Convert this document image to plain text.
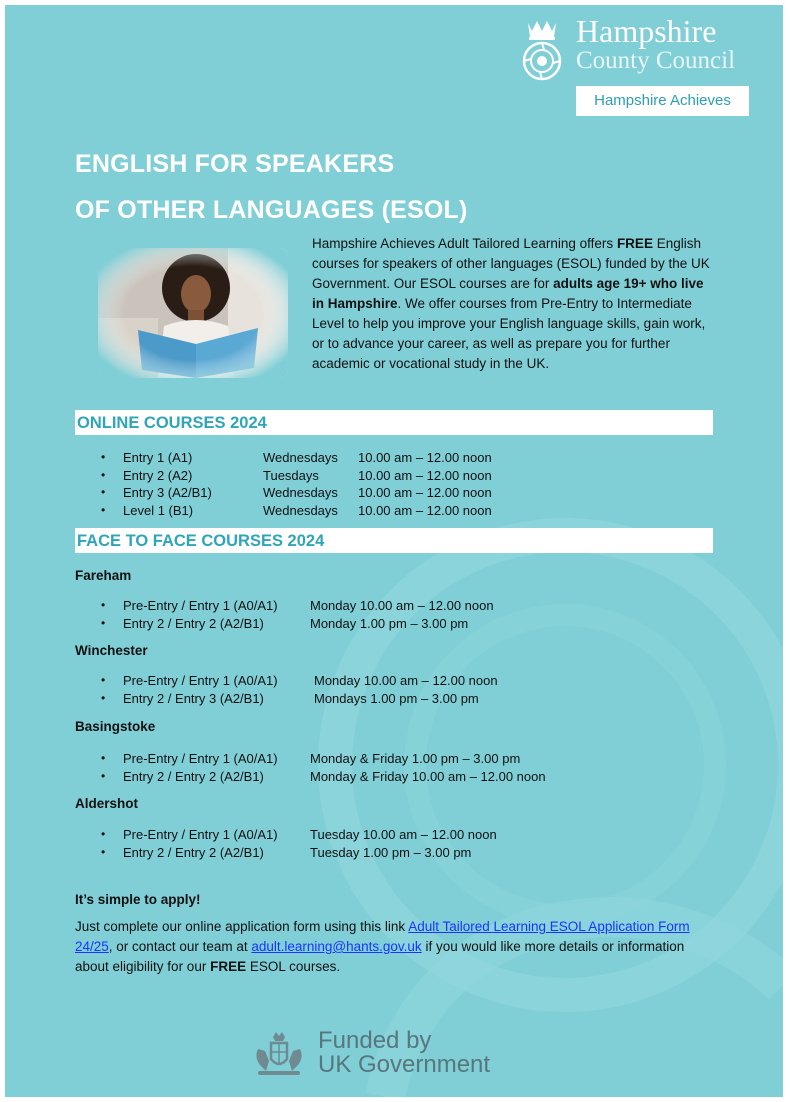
Hampshire
County Council
Hampshire Achieves
ENGLISH FOR SPEAKERS
OF OTHER LANGUAGES (ESOL)
Hampshire Achieves Adult Tailored Learning offers FREE English courses for speakers of other languages (ESOL) funded by the UK Government. Our ESOL courses are for adults age 19+ who live in Hampshire. We offer courses from Pre-Entry to Intermediate Level to help you improve your English language skills, gain work, or to advance your career, as well as prepare you for further academic or vocational study in the UK.
ONLINE COURSES 2024
Entry 1 (A1)	Wednesdays 10.00 am – 12.00 noon
Entry 2 (A2)	Tuesdays	10.00 am – 12.00 noon
Entry 3 (A2/B1)	Wednesdays 10.00 am – 12.00 noon
Level 1 (B1)	Wednesdays 10.00 am – 12.00 noon
FACE TO FACE COURSES 2024
Fareham
Pre-Entry / Entry 1 (A0/A1) Monday 10.00 am – 12.00 noon
Entry 2 / Entry 2 (A2/B1)	Monday 1.00 pm – 3.00 pm
Winchester
Pre-Entry / Entry 1 (A0/A1)	Monday 10.00 am – 12.00 noon
Entry 2 / Entry 3 (A2/B1)	Mondays 1.00 pm – 3.00 pm
Basingstoke
Pre-Entry / Entry 1 (A0/A1) Monday & Friday 1.00 pm – 3.00 pm
Entry 2 / Entry 2 (A2/B1)	Monday & Friday 10.00 am – 12.00 noon
Aldershot
Pre-Entry / Entry 1 (A0/A1) Tuesday 10.00 am – 12.00 noon
Entry 2 / Entry 2 (A2/B1)	Tuesday 1.00 pm – 3.00 pm
It’s simple to apply!
Just complete our online application form using this link Adult Tailored Learning ESOL Application Form 24/25, or contact our team at adult.learning@hants.gov.uk if you would like more details or information about eligibility for our FREE ESOL courses.
Funded by
UK Government
